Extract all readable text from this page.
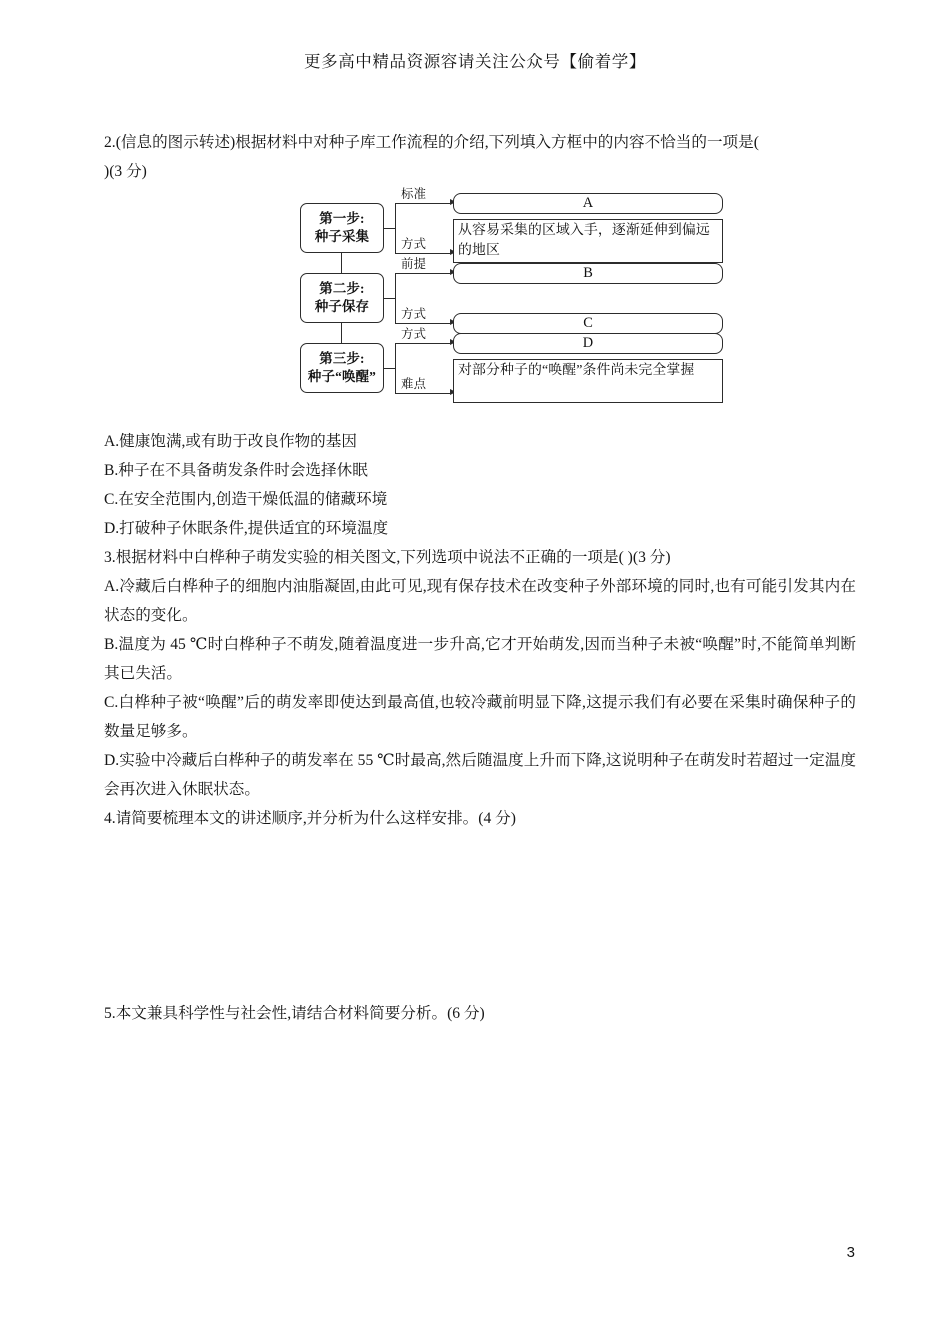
更多高中精品资源容请关注公众号【偷着学】

2.(信息的图示转述)根据材料中对种子库工作流程的介绍,下列填入方框中的内容不恰当的一项是(

)(3 分)

第一步:
种子采集
第二步:
种子保存
第三步:
种子“唤醒”
标准
方式
A
从容易采集的区域入手，逐渐延伸到偏远的地区
前提
方式
B
C
方式
难点
D
对部分种子的“唤醒”条件尚未完全掌握

A.健康饱满,或有助于改良作物的基因

B.种子在不具备萌发条件时会选择休眠

C.在安全范围内,创造干燥低温的储藏环境

D.打破种子休眠条件,提供适宜的环境温度

3.根据材料中白桦种子萌发实验的相关图文,下列选项中说法不正确的一项是( )(3 分)

A.冷藏后白桦种子的细胞内油脂凝固,由此可见,现有保存技术在改变种子外部环境的同时,也有可能引发其内在状态的变化。

B.温度为 45 ℃时白桦种子不萌发,随着温度进一步升高,它才开始萌发,因而当种子未被“唤醒”时,不能简单判断其已失活。

C.白桦种子被“唤醒”后的萌发率即使达到最高值,也较冷藏前明显下降,这提示我们有必要在采集时确保种子的数量足够多。

D.实验中冷藏后白桦种子的萌发率在 55 ℃时最高,然后随温度上升而下降,这说明种子在萌发时若超过一定温度会再次进入休眠状态。

4.请简要梳理本文的讲述顺序,并分析为什么这样安排。(4 分)

5.本文兼具科学性与社会性,请结合材料简要分析。(6 分)

3
